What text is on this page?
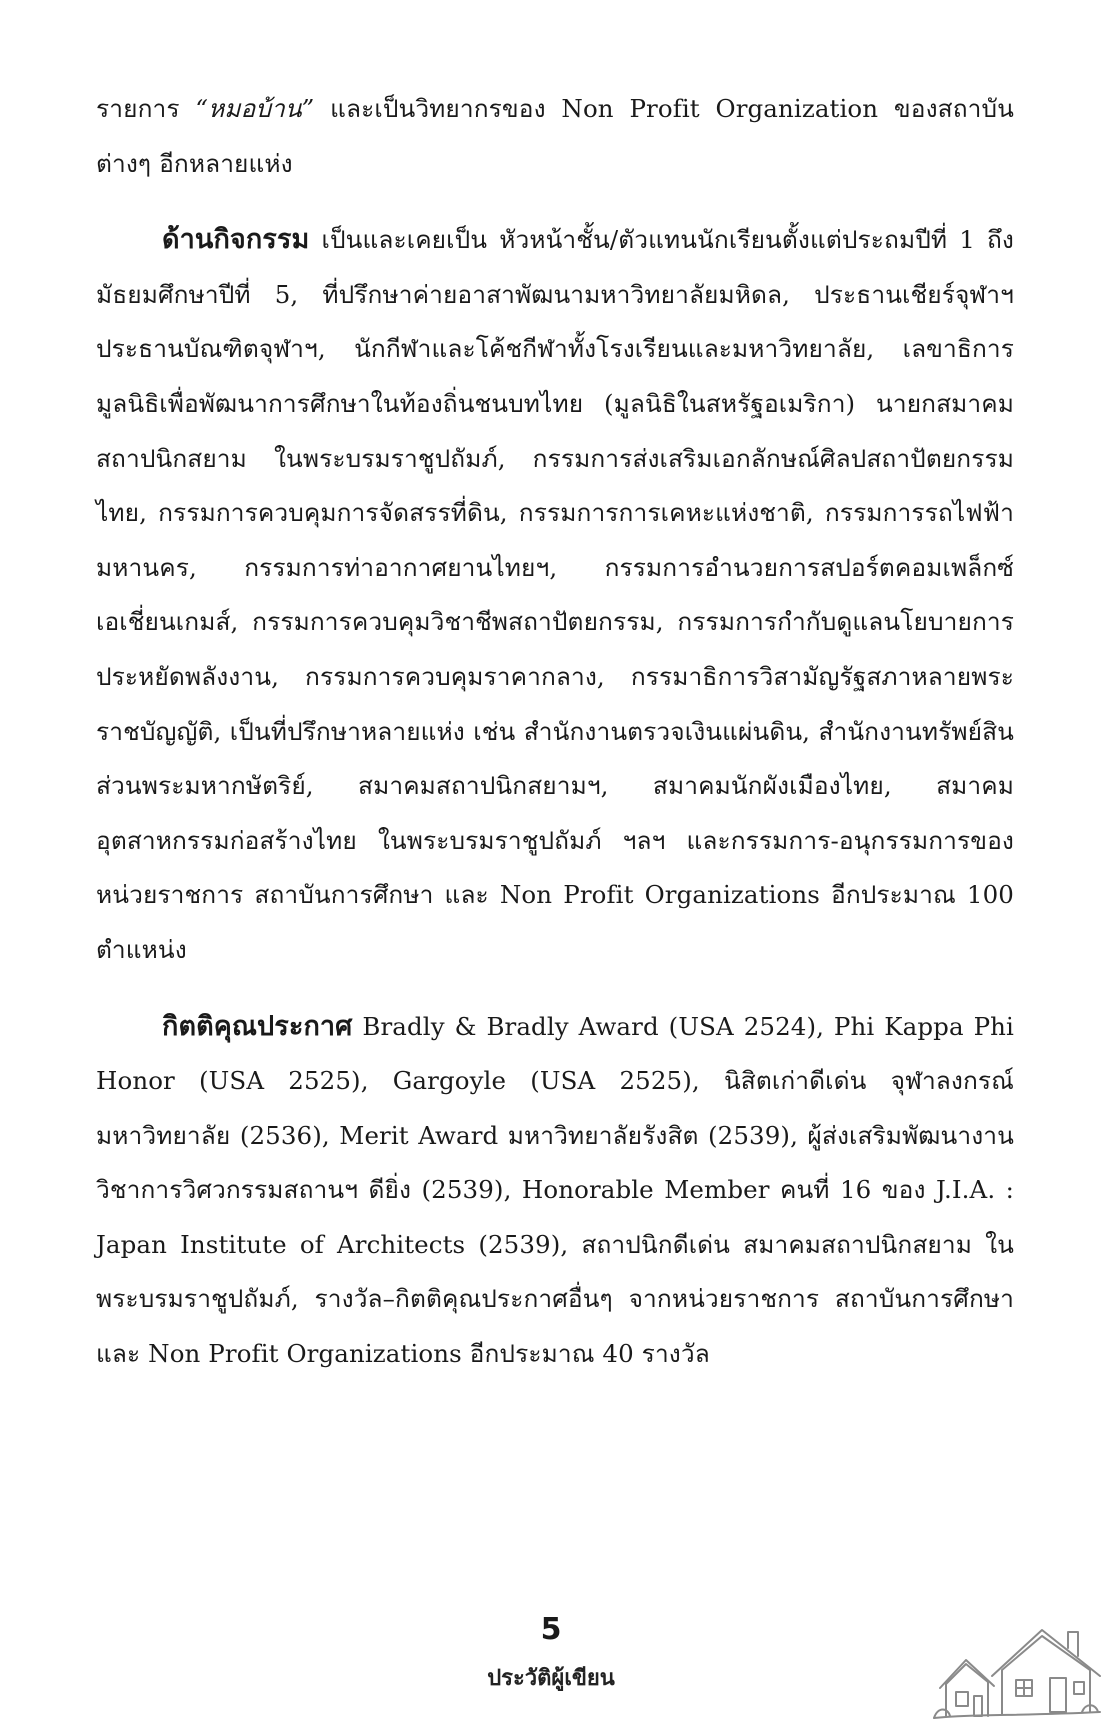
รายการ “หมอบ้าน” และเป็นวิทยากรของ Non Profit Organization ของสถาบันต่างๆ อีกหลายแห่ง

ด้านกิจกรรม เป็นและเคยเป็น หัวหน้าชั้น/ตัวแทนนักเรียนตั้งแต่ประถมปีที่ 1 ถึง มัธยมศึกษาปีที่ 5, ที่ปรึกษาค่ายอาสาพัฒนามหาวิทยาลัยมหิดล, ประธานเชียร์จุฬาฯ ประธานบัณฑิตจุฬาฯ, นักกีฬาและโค้ชกีฬาทั้งโรงเรียนและมหาวิทยาลัย, เลขาธิการมูลนิธิเพื่อพัฒนาการศึกษาในท้องถิ่นชนบทไทย (มูลนิธิในสหรัฐอเมริกา) นายกสมาคมสถาปนิกสยาม ในพระบรมราชูปถัมภ์, กรรมการส่งเสริมเอกลักษณ์ศิลปสถาปัตยกรรมไทย, กรรมการควบคุมการจัดสรรที่ดิน, กรรมการการเคหะแห่งชาติ, กรรมการรถไฟฟ้ามหานคร, กรรมการท่าอากาศยานไทยฯ, กรรมการอำนวยการสปอร์ตคอมเพล็กซ์เอเชี่ยนเกมส์, กรรมการควบคุมวิชาชีพสถาปัตยกรรม, กรรมการกำกับดูแลนโยบายการประหยัดพลังงาน, กรรมการควบคุมราคากลาง, กรรมาธิการวิสามัญรัฐสภาหลายพระราชบัญญัติ, เป็นที่ปรึกษาหลายแห่ง เช่น สำนักงานตรวจเงินแผ่นดิน, สำนักงานทรัพย์สินส่วนพระมหากษัตริย์, สมาคมสถาปนิกสยามฯ, สมาคมนักผังเมืองไทย, สมาคมอุตสาหกรรมก่อสร้างไทย ในพระบรมราชูปถัมภ์ ฯลฯ และกรรมการ-อนุกรรมการของหน่วยราชการ สถาบันการศึกษา และ Non Profit Organizations อีกประมาณ 100 ตำแหน่ง

กิตติคุณประกาศ Bradly & Bradly Award (USA 2524), Phi Kappa Phi Honor (USA 2525), Gargoyle (USA 2525), นิสิตเก่าดีเด่น จุฬาลงกรณ์มหาวิทยาลัย (2536), Merit Award มหาวิทยาลัยรังสิต (2539), ผู้ส่งเสริมพัฒนางานวิชาการวิศวกรรมสถานฯ ดียิ่ง (2539), Honorable Member คนที่ 16 ของ J.I.A. : Japan Institute of Architects (2539), สถาปนิกดีเด่น สมาคมสถาปนิกสยาม ในพระบรมราชูปถัมภ์, รางวัล–กิตติคุณประกาศอื่นๆ จากหน่วยราชการ สถาบันการศึกษา และ Non Profit Organizations อีกประมาณ 40 รางวัล

5
ประวัติผู้เขียน
